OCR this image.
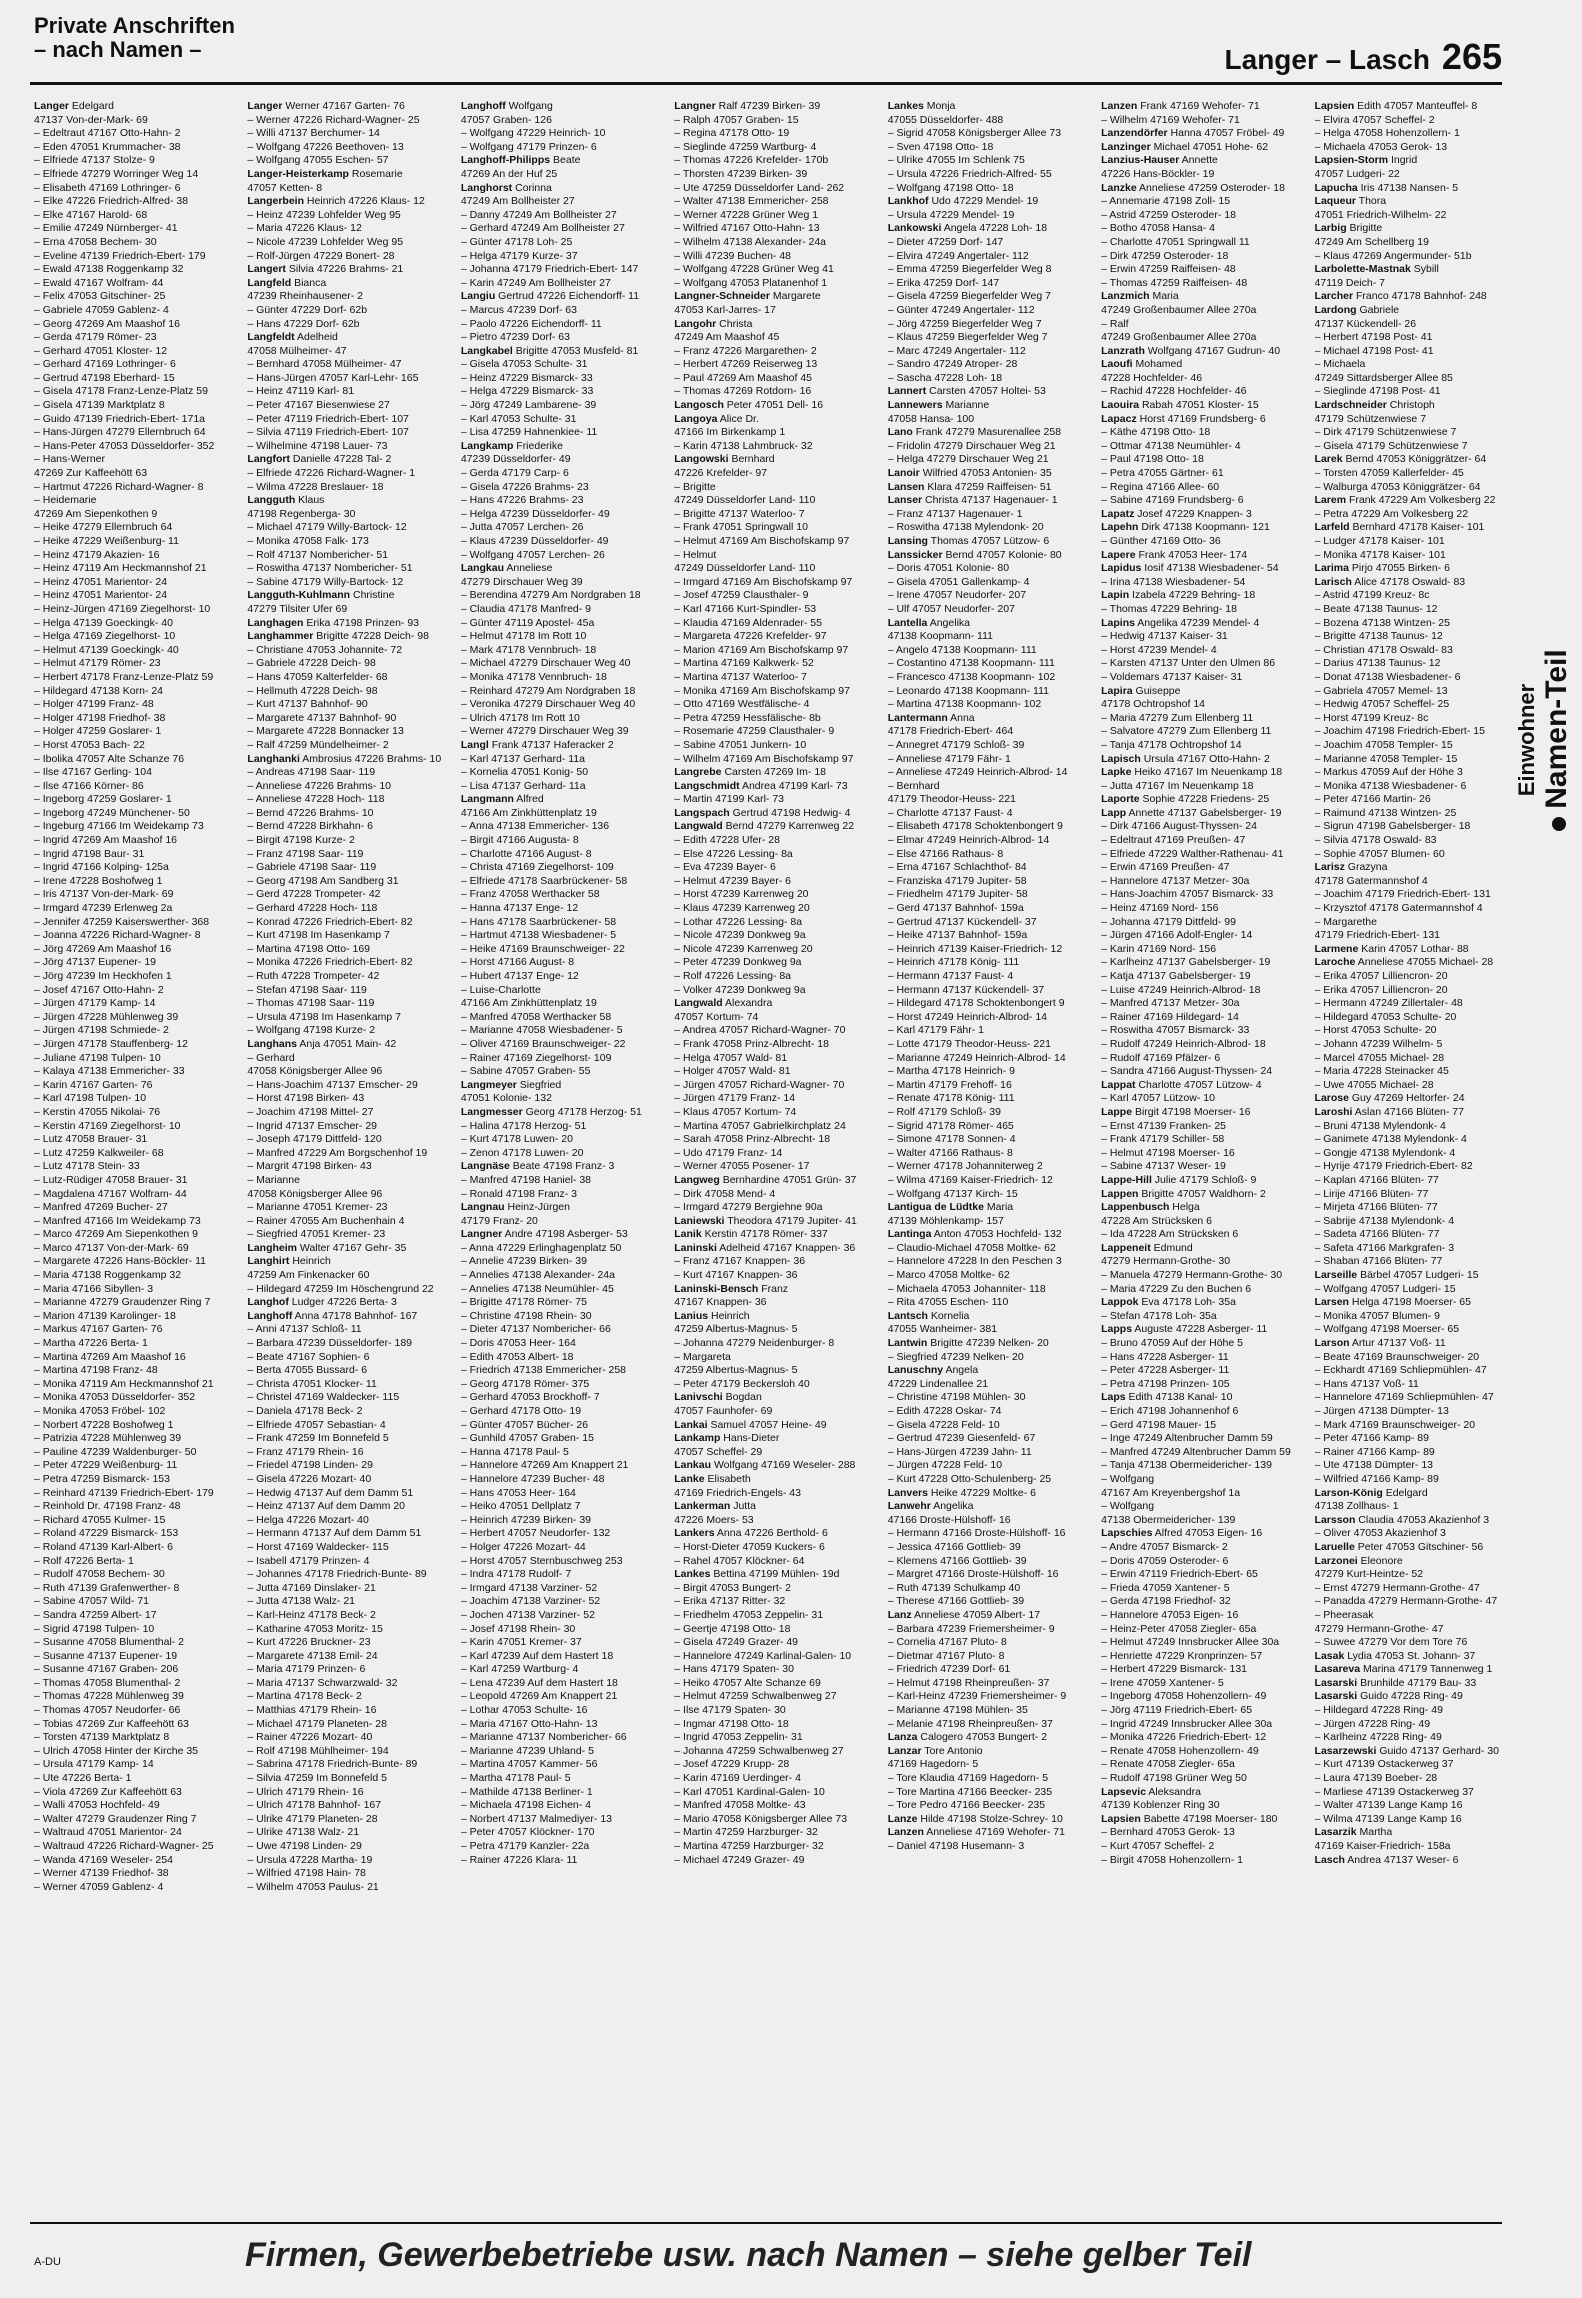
Private Anschriften
– nach Namen –	Langer – Lasch 265
Langer Edelgard
47137 Von-der-Mark- 69
– Edeltraut 47167 Otto-Hahn- 2
– Eden 47051 Krummacher- 38
– Elfriede 47137 Stolze- 9
– Elfriede 47279 Worringer Weg 14
– Elisabeth 47169 Lothringer- 6
– Elke 47226 Friedrich-Alfred- 38
– Elke 47167 Harold- 68
– Emilie 47249 Nürnberger- 41
– Erna 47058 Bechem- 30
– Eveline 47139 Friedrich-Ebert- 179
– Ewald 47138 Roggenkamp 32
– Ewald 47167 Wolfram- 44
– Felix 47053 Gitschiner- 25
– Gabriele 47059 Gablenz- 4
– Georg 47269 Am Maashof 16
– Gerda 47179 Römer- 23
– Gerhard 47051 Kloster- 12
– Gerhard 47169 Lothringer- 6
– Gertrud 47198 Eberhard- 15
– Gisela 47178 Franz-Lenze-Platz 59
– Gisela 47139 Marktplatz 8
– Guido 47139 Friedrich-Ebert- 171a
– Hans-Jürgen 47279 Ellernbruch 64
– Hans-Peter 47053 Düsseldorfer- 352
– Hans-Werner
47269 Zur Kaffeehött 63
– Hartmut 47226 Richard-Wagner- 8
– Heidemarie
47269 Am Siepenkothen 9
– Heike 47279 Ellernbruch 64
– Heike 47229 Weißenburg- 11
– Heinz 47179 Akazien- 16
– Heinz 47119 Am Heckmannshof 21
– Heinz 47051 Marientor- 24
– Heinz 47051 Marientor- 24
– Heinz-Jürgen 47169 Ziegelhorst- 10
– Helga 47139 Goeckingk- 40
– Helga 47169 Ziegelhorst- 10
– Helmut 47139 Goeckingk- 40
– Helmut 47179 Römer- 23
– Herbert 47178 Franz-Lenze-Platz 59
– Hildegard 47138 Korn- 24
– Holger 47199 Franz- 48
– Holger 47198 Friedhof- 38
– Holger 47259 Goslarer- 1
– Horst 47053 Bach- 22
– Ibolika 47057 Alte Schanze 76
– Ilse 47167 Gerling- 104
– Ilse 47166 Körner- 86
– Ingeborg 47259 Goslarer- 1
– Ingeborg 47249 Münchener- 50
– Ingeburg 47166 Im Weidekamp 73
– Ingrid 47269 Am Maashof 16
– Ingrid 47198 Baur- 31
– Ingrid 47166 Kolping- 125a
– Irene 47228 Boshofweg 1
– Iris 47137 Von-der-Mark- 69
– Irmgard 47239 Erlenweg 2a
– Jennifer 47259 Kaiserswerther- 368
– Joanna 47226 Richard-Wagner- 8
– Jörg 47269 Am Maashof 16
– Jörg 47137 Eupener- 19
– Jörg 47239 Im Heckhofen 1
– Josef 47167 Otto-Hahn- 2
– Jürgen 47179 Kamp- 14
– Jürgen 47228 Mühlenweg 39
– Jürgen 47198 Schmiede- 2
– Jürgen 47178 Stauffenberg- 12
– Juliane 47198 Tulpen- 10
– Kalaya 47138 Emmericher- 33
– Karin 47167 Garten- 76
– Karl 47198 Tulpen- 10
– Kerstin 47055 Nikolai- 76
– Kerstin 47169 Ziegelhorst- 10
– Lutz 47058 Brauer- 31
– Lutz 47259 Kalkweiler- 68
– Lutz 47178 Stein- 33
– Lutz-Rüdiger 47058 Brauer- 31
– Magdalena 47167 Wolfram- 44
– Manfred 47269 Bucher- 27
– Manfred 47166 Im Weidekamp 73
– Marco 47269 Am Siepenkothen 9
– Marco 47137 Von-der-Mark- 69
– Margarete 47226 Hans-Böckler- 11
– Maria 47138 Roggenkamp 32
– Maria 47166 Sibyllen- 3
– Marianne 47279 Graudenzer Ring 7
– Marion 47139 Karolinger- 18
– Markus 47167 Garten- 76
– Martha 47226 Berta- 1
– Martina 47269 Am Maashof 16
– Martina 47198 Franz- 48
– Monika 47119 Am Heckmannshof 21
– Monika 47053 Düsseldorfer- 352
– Monika 47053 Fröbel- 102
– Norbert 47228 Boshofweg 1
– Patrizia 47228 Mühlenweg 39
– Pauline 47239 Waldenburger- 50
– Peter 47229 Weißenburg- 11
– Petra 47259 Bismarck- 153
– Reinhard 47139 Friedrich-Ebert- 179
– Reinhold Dr. 47198 Franz- 48
– Richard 47055 Kulmer- 15
– Roland 47229 Bismarck- 153
– Roland 47139 Karl-Albert- 6
– Rolf 47226 Berta- 1
– Rudolf 47058 Bechem- 30
– Ruth 47139 Grafenwerther- 8
– Sabine 47057 Wild- 71
– Sandra 47259 Albert- 17
– Sigrid 47198 Tulpen- 10
– Susanne 47058 Blumenthal- 2
– Susanne 47137 Eupener- 19
– Susanne 47167 Graben- 206
– Thomas 47058 Blumenthal- 2
– Thomas 47228 Mühlenweg 39
– Thomas 47057 Neudorfer- 66
– Tobias 47269 Zur Kaffeehött 63
– Torsten 47139 Marktplatz 8
– Ulrich 47058 Hinter der Kirche 35
– Ursula 47179 Kamp- 14
– Ute 47226 Berta- 1
– Viola 47269 Zur Kaffeehött 63
– Walli 47053 Hochfeld- 49
– Walter 47279 Graudenzer Ring 7
– Waltraud 47051 Marientor- 24
– Waltraud 47226 Richard-Wagner- 25
– Wanda 47169 Weseler- 254
– Werner 47139 Friedhof- 38
– Werner 47059 Gablenz- 4
Langer Werner 47167 Garten- 76
– Werner 47226 Richard-Wagner- 25
– Willi 47137 Berchumer- 14
– Wolfgang 47226 Beethoven- 13
– Wolfgang 47055 Eschen- 57
Langer-Heisterkamp Rosemarie
47057 Ketten- 8
Langerbein Heinrich 47226 Klaus- 12
– Heinz 47239 Lohfelder Weg 95
– Maria 47226 Klaus- 12
– Nicole 47239 Lohfelder Weg 95
– Rolf-Jürgen 47229 Bonert- 28
Langert Silvia 47226 Brahms- 21
Langfeld Bianca
47239 Rheinhausener- 2
– Günter 47229 Dorf- 62b
– Hans 47229 Dorf- 62b
Langfeldt Adelheid
47058 Mülheimer- 47
– Bernhard 47058 Mülheimer- 47
– Hans-Jürgen 47057 Karl-Lehr- 165
– Heinz 47119 Karl- 81
– Peter 47167 Biesenwiese 27
– Peter 47119 Friedrich-Ebert- 107
– Silvia 47119 Friedrich-Ebert- 107
– Wilhelmine 47198 Lauer- 73
Langfort Danielle 47228 Tal- 2
– Elfriede 47226 Richard-Wagner- 1
– Wilma 47228 Breslauer- 18
Langguth Klaus
47198 Regenberga- 30
– Michael 47179 Willy-Bartock- 12
– Monika 47058 Falk- 173
– Rolf 47137 Nombericher- 51
– Roswitha 47137 Nombericher- 51
– Sabine 47179 Willy-Bartock- 12
Langguth-Kuhlmann Christine
47279 Tilsiter Ufer 69
Langhagen Erika 47198 Prinzen- 93
Langhammer Brigitte 47228 Deich- 98
– Christiane 47053 Johannite- 72
– Gabriele 47228 Deich- 98
– Hans 47059 Kalterfelder- 68
– Hellmuth 47228 Deich- 98
– Kurt 47137 Bahnhof- 90
– Margarete 47137 Bahnhof- 90
– Margarete 47228 Bonnacker 13
– Ralf 47259 Mündelheimer- 2
Langhanki Ambrosius 47226 Brahms- 10
– Andreas 47198 Saar- 119
– Anneliese 47226 Brahms- 10
– Anneliese 47228 Hoch- 118
– Bernd 47226 Brahms- 10
– Bernd 47228 Birkhahn- 6
– Birgit 47198 Kurze- 2
– Franz 47198 Saar- 119
– Gabriele 47198 Saar- 119
– Georg 47198 Am Sandberg 31
– Gerd 47228 Trompeter- 42
– Gerhard 47228 Hoch- 118
– Konrad 47226 Friedrich-Ebert- 82
– Kurt 47198 Im Hasenkamp 7
– Martina 47198 Otto- 169
– Monika 47226 Friedrich-Ebert- 82
– Ruth 47228 Trompeter- 42
– Stefan 47198 Saar- 119
– Thomas 47198 Saar- 119
– Ursula 47198 Im Hasenkamp 7
– Wolfgang 47198 Kurze- 2
Langhans Anja 47051 Main- 42
– Gerhard
47058 Königsberger Allee 96
– Hans-Joachim 47137 Emscher- 29
– Horst 47198 Birken- 43
– Joachim 47198 Mittel- 27
– Ingrid 47137 Emscher- 29
– Joseph 47179 Dittfeld- 120
– Manfred 47229 Am Borgschenhof 19
– Margrit 47198 Birken- 43
– Marianne
47058 Königsberger Allee 96
– Marianne 47051 Kremer- 23
– Rainer 47055 Am Buchenhain 4
– Siegfried 47051 Kremer- 23
Langheim Walter 47167 Gehr- 35
Langhirt Heinrich
47259 Am Finkenacker 60
– Hildegard 47259 Im Höschengrund 22
Langhof Ludger 47226 Berta- 3
Langhoff Anna 47178 Bahnhof- 167
– Anni 47137 Schloß- 11
– Barbara 47239 Düsseldorfer- 189
– Beate 47167 Sophien- 6
– Berta 47055 Bussard- 6
– Christa 47051 Klocker- 11
– Christel 47169 Waldecker- 115
– Daniela 47178 Beck- 2
– Elfriede 47057 Sebastian- 4
– Frank 47259 Im Bonnefeld 5
– Franz 47179 Rhein- 16
– Friedel 47198 Linden- 29
– Gisela 47226 Mozart- 40
– Hedwig 47137 Auf dem Damm 51
– Heinz 47137 Auf dem Damm 20
– Helga 47226 Mozart- 40
– Hermann 47137 Auf dem Damm 51
– Horst 47169 Waldecker- 115
– Isabell 47179 Prinzen- 4
– Johannes 47178 Friedrich-Bunte- 89
– Jutta 47169 Dinslaker- 21
– Jutta 47138 Walz- 21
– Karl-Heinz 47178 Beck- 2
– Katharine 47053 Moritz- 15
– Kurt 47226 Bruckner- 23
– Margarete 47138 Emil- 24
– Maria 47179 Prinzen- 6
– Maria 47137 Schwarzwald- 32
– Martina 47178 Beck- 2
– Matthias 47179 Rhein- 16
– Michael 47179 Planeten- 28
– Rainer 47226 Mozart- 40
– Rolf 47198 Mühlheimer- 194
– Sabrina 47178 Friedrich-Bunte- 89
– Silvia 47259 Im Bonnefeld 5
– Ulrich 47179 Rhein- 16
– Ulrich 47178 Bahnhof- 167
– Ulrike 47179 Planeten- 28
– Ulrike 47138 Walz- 21
– Uwe 47198 Linden- 29
– Ursula 47228 Martha- 19
– Wilfried 47198 Hain- 78
– Wilhelm 47053 Paulus- 21
Langhoff Wolfgang
47057 Graben- 126
– Wolfgang 47229 Heinrich- 10
– Wolfgang 47179 Prinzen- 6
Langhoff-Philipps Beate
47269 An der Huf 25
Langhorst Corinna
47249 Am Bollheister 27
– Danny 47249 Am Bollheister 27
– Gerhard 47249 Am Bollheister 27
– Günter 47178 Loh- 25
– Helga 47179 Kurze- 37
– Johanna 47179 Friedrich-Ebert- 147
– Karin 47249 Am Bollheister 27
Langiu Gertrud 47226 Eichendorff- 11
– Marcus 47239 Dorf- 63
– Paolo 47226 Eichendorff- 11
– Pietro 47239 Dorf- 63
Langkabel Brigitte 47053 Musfeld- 81
– Gisela 47053 Schulte- 31
– Heinz 47229 Bismarck- 33
– Helga 47229 Bismarck- 33
– Jörg 47249 Lambarene- 39
– Karl 47053 Schulte- 31
– Lisa 47259 Hahnenkiee- 11
Langkamp Friederike
47239 Düsseldorfer- 49
– Gerda 47179 Carp- 6
– Gisela 47226 Brahms- 23
– Hans 47226 Brahms- 23
– Helga 47239 Düsseldorfer- 49
– Jutta 47057 Lerchen- 26
– Klaus 47239 Düsseldorfer- 49
– Wolfgang 47057 Lerchen- 26
Langkau Anneliese
47279 Dirschauer Weg 39
– Berendina 47279 Am Nordgraben 18
– Claudia 47178 Manfred- 9
– Günter 47119 Apostel- 45a
– Helmut 47178 Im Rott 10
– Mark 47178 Vennbruch- 18
– Michael 47279 Dirschauer Weg 40
– Monika 47178 Vennbruch- 18
– Reinhard 47279 Am Nordgraben 18
– Veronika 47279 Dirschauer Weg 40
– Ulrich 47178 Im Rott 10
– Werner 47279 Dirschauer Weg 39
Langl Frank 47137 Haferacker 2
– Karl 47137 Gerhard- 11a
– Kornelia 47051 Konig- 50
– Lisa 47137 Gerhard- 11a
Langmann Alfred
47166 Am Zinkhüttenplatz 19
– Anna 47138 Emmericher- 136
– Birgit 47166 Augusta- 8
– Charlotte 47166 August- 8
– Christa 47169 Ziegelhorst- 109
– Elfriede 47178 Saarbrückener- 58
– Franz 47058 Werthacker 58
– Hanna 47137 Enge- 12
– Hans 47178 Saarbrückener- 58
– Hartmut 47138 Wiesbadener- 5
– Heike 47169 Braunschweiger- 22
– Horst 47166 August- 8
– Hubert 47137 Enge- 12
– Luise-Charlotte
47166 Am Zinkhüttenplatz 19
– Manfred 47058 Werthacker 58
– Marianne 47058 Wiesbadener- 5
– Oliver 47169 Braunschweiger- 22
– Rainer 47169 Ziegelhorst- 109
– Sabine 47057 Graben- 55
Langmeyer Siegfried
47051 Kolonie- 132
Langmesser Georg 47178 Herzog- 51
– Halina 47178 Herzog- 51
– Kurt 47178 Luwen- 20
– Zenon 47178 Luwen- 20
Langnäse Beate 47198 Franz- 3
– Manfred 47198 Haniel- 38
– Ronald 47198 Franz- 3
Langnau Heinz-Jürgen
47179 Franz- 20
Langner Andre 47198 Asberger- 53
– Anna 47229 Erlinghagenplatz 50
– Annelie 47239 Birken- 39
– Annelies 47138 Alexander- 24a
– Annelies 47138 Neumühler- 45
– Brigitte 47178 Römer- 75
– Christine 47198 Rhein- 30
– Dieter 47137 Nombericher- 66
– Doris 47053 Heer- 164
– Edith 47053 Albert- 18
– Friedrich 47138 Emmericher- 258
– Georg 47178 Römer- 375
– Gerhard 47053 Brockhoff- 7
– Gerhard 47178 Otto- 19
– Günter 47057 Bücher- 26
– Gunhild 47057 Graben- 15
– Hanna 47178 Paul- 5
– Hannelore 47269 Am Knappert 21
– Hannelore 47239 Bucher- 48
– Hans 47053 Heer- 164
– Heiko 47051 Dellplatz 7
– Heinrich 47239 Birken- 39
– Herbert 47057 Neudorfer- 132
– Holger 47226 Mozart- 44
– Horst 47057 Sternbuschweg 253
– Indra 47178 Rudolf- 7
– Irmgard 47138 Varziner- 52
– Joachim 47138 Varziner- 52
– Jochen 47138 Varziner- 52
– Josef 47198 Rhein- 30
– Karin 47051 Kremer- 37
– Karl 47239 Auf dem Hastert 18
– Karl 47259 Wartburg- 4
– Lena 47239 Auf dem Hastert 18
– Leopold 47269 Am Knappert 21
– Lothar 47053 Schulte- 16
– Maria 47167 Otto-Hahn- 13
– Marianne 47137 Nombericher- 66
– Marianne 47239 Uhland- 5
– Martina 47057 Kammer- 56
– Martha 47178 Paul- 5
– Mathilde 47138 Berliner- 1
– Michaela 47198 Eichen- 4
– Norbert 47137 Malmediyer- 13
– Peter 47057 Klöckner- 170
– Petra 47179 Kanzler- 22a
– Rainer 47226 Klara- 11
Langner Ralf 47239 Birken- 39
– Ralph 47057 Graben- 15
– Regina 47178 Otto- 19
– Sieglinde 47259 Wartburg- 4
– Thomas 47226 Krefelder- 170b
– Thorsten 47239 Birken- 39
– Ute 47259 Düsseldorfer Land- 262
– Walter 47138 Emmericher- 258
– Werner 47228 Grüner Weg 1
– Wilfried 47167 Otto-Hahn- 13
– Wilhelm 47138 Alexander- 24a
– Willi 47239 Buchen- 48
– Wolfgang 47228 Grüner Weg 41
– Wolfgang 47053 Platanenhof 1
Langner-Schneider Margarete
47053 Karl-Jarres- 17
Langohr Christa
47249 Am Maashof 45
– Franz 47226 Margarethen- 2
– Herbert 47269 Reiserweg 13
– Paul 47269 Am Maashof 45
– Thomas 47269 Rotdorn- 16
Langosch Peter 47051 Dell- 16
Langoya Alice Dr.
47166 Im Birkenkamp 1
– Karin 47138 Lahmbruck- 32
Langowski Bernhard
47226 Krefelder- 97
– Brigitte
47249 Düsseldorfer Land- 110
– Brigitte 47137 Waterloo- 7
– Frank 47051 Springwall 10
– Helmut 47169 Am Bischofskamp 97
– Helmut
47249 Düsseldorfer Land- 110
– Irmgard 47169 Am Bischofskamp 97
– Josef 47259 Clausthaler- 9
– Karl 47166 Kurt-Spindler- 53
– Klaudia 47169 Aldenrader- 55
– Margareta 47226 Krefelder- 97
– Marion 47169 Am Bischofskamp 97
– Martina 47169 Kalkwerk- 52
– Martina 47137 Waterloo- 7
– Monika 47169 Am Bischofskamp 97
– Otto 47169 Westfälische- 4
– Petra 47259 Hessfälische- 8b
– Rosemarie 47259 Clausthaler- 9
– Sabine 47051 Junkern- 10
– Wilhelm 47169 Am Bischofskamp 97
Langrebe Carsten 47269 Im- 18
Langschmidt Andrea 47199 Karl- 73
– Martin 47199 Karl- 73
Langspach Gertrud 47198 Hedwig- 4
Langwald Bernd 47279 Karrenweg 22
– Edith 47228 Ufer- 28
– Else 47226 Lessing- 8a
– Eva 47239 Bayer- 6
– Helmut 47239 Bayer- 6
– Horst 47239 Karrenweg 20
– Klaus 47239 Karrenweg 20
– Lothar 47226 Lessing- 8a
– Nicole 47239 Donkweg 9a
– Nicole 47239 Karrenweg 20
– Peter 47239 Donkweg 9a
– Rolf 47226 Lessing- 8a
– Volker 47239 Donkweg 9a
Langwald Alexandra
47057 Kortum- 74
– Andrea 47057 Richard-Wagner- 70
– Frank 47058 Prinz-Albrecht- 18
– Helga 47057 Wald- 81
– Holger 47057 Wald- 81
– Jürgen 47057 Richard-Wagner- 70
– Jürgen 47179 Franz- 14
– Klaus 47057 Kortum- 74
– Martina 47057 Gabrielkirchplatz 24
– Sarah 47058 Prinz-Albrecht- 18
– Udo 47179 Franz- 14
– Werner 47055 Posener- 17
Langweg Bernhardine 47051 Grün- 37
– Dirk 47058 Mend- 4
– Irmgard 47279 Bergiehne 90a
Laniewski Theodora 47179 Jupiter- 41
Lanik Kerstin 47178 Römer- 337
Laninski Adelheid 47167 Knappen- 36
– Franz 47167 Knappen- 36
– Kurt 47167 Knappen- 36
Laninski-Bensch Franz
47167 Knappen- 36
Lanius Heinrich
47259 Albertus-Magnus- 5
– Johanna 47279 Neidenburger- 8
– Margareta
47259 Albertus-Magnus- 5
– Peter 47179 Beckersloh 40
Lanivschi Bogdan
47057 Faunhofer- 69
Lankai Samuel 47057 Heine- 49
Lankamp Hans-Dieter
47057 Scheffel- 29
Lankau Wolfgang 47169 Weseler- 288
Lanke Elisabeth
47169 Friedrich-Engels- 43
Lankerman Jutta
47226 Moers- 53
Lankers Anna 47226 Berthold- 6
– Horst-Dieter 47059 Kuckers- 6
– Rahel 47057 Klöckner- 64
Lankes Bettina 47199 Mühlen- 19d
– Birgit 47053 Bungert- 2
– Erika 47137 Ritter- 32
– Friedhelm 47053 Zeppelin- 31
– Geertje 47198 Otto- 18
– Gisela 47249 Grazer- 49
– Hannelore 47249 Karlinal-Galen- 10
– Hans 47179 Spaten- 30
– Heiko 47057 Alte Schanze 69
– Helmut 47259 Schwalbenweg 27
– Ilse 47179 Spaten- 30
– Ingmar 47198 Otto- 18
– Ingrid 47053 Zeppelin- 31
– Johanna 47259 Schwalbenweg 27
– Josef 47229 Krupp- 28
– Karin 47169 Uerdinger- 4
– Karl 47051 Kardinal-Galen- 10
– Manfred 47058 Moltke- 43
– Mario 47058 Königsberger Allee 73
– Martin 47259 Harzburger- 32
– Martina 47259 Harzburger- 32
– Michael 47249 Grazer- 49
Lankes Monja
47055 Düsseldorfer- 488
– Sigrid 47058 Königsberger Allee 73
– Sven 47198 Otto- 18
– Ulrike 47055 Im Schlenk 75
– Ursula 47226 Friedrich-Alfred- 55
– Wolfgang 47198 Otto- 18
Lankhof Udo 47229 Mendel- 19
– Ursula 47229 Mendel- 19
Lankowski Angela 47228 Loh- 18
– Dieter 47259 Dorf- 147
– Elvira 47249 Angertaler- 112
– Emma 47259 Biegerfelder Weg 8
– Erika 47259 Dorf- 147
– Gisela 47259 Biegerfelder Weg 7
– Günter 47249 Angertaler- 112
– Jörg 47259 Biegerfelder Weg 7
– Klaus 47259 Biegerfelder Weg 7
– Marc 47249 Angertaler- 112
– Sandro 47249 Atroper- 28
– Sascha 47228 Loh- 18
Lannert Carsten 47057 Holtei- 53
Lannewers Marianne
47058 Hansa- 100
Lano Frank 47279 Masurenallee 258
– Fridolin 47279 Dirschauer Weg 21
– Helga 47279 Dirschauer Weg 21
Lanoir Wilfried 47053 Antonien- 35
Lansen Klara 47259 Raiffeisen- 51
Lanser Christa 47137 Hagenauer- 1
– Franz 47137 Hagenauer- 1
– Roswitha 47138 Mylendonk- 20
Lansing Thomas 47057 Lützow- 6
Lanssicker Bernd 47057 Kolonie- 80
– Doris 47051 Kolonie- 80
– Gisela 47051 Gallenkamp- 4
– Irene 47057 Neudorfer- 207
– Ulf 47057 Neudorfer- 207
Lantella Angelika
47138 Koopmann- 111
– Angelo 47138 Koopmann- 111
– Costantino 47138 Koopmann- 111
– Francesco 47138 Koopmann- 102
– Leonardo 47138 Koopmann- 111
– Martina 47138 Koopmann- 102
Lantermann Anna
47178 Friedrich-Ebert- 464
– Annegret 47179 Schloß- 39
– Anneliese 47179 Fähr- 1
– Anneliese 47249 Heinrich-Albrod- 14
– Bernhard
47179 Theodor-Heuss- 221
– Charlotte 47137 Faust- 4
– Elisabeth 47178 Schoktenbongert 9
– Elmar 47249 Heinrich-Albrod- 14
– Else 47166 Rathaus- 8
– Erna 47167 Schlachthof- 84
– Franziska 47179 Jupiter- 58
– Friedhelm 47179 Jupiter- 58
– Gerd 47137 Bahnhof- 159a
– Gertrud 47137 Kückendell- 37
– Heike 47137 Bahnhof- 159a
– Heinrich 47139 Kaiser-Friedrich- 12
– Heinrich 47178 König- 111
– Hermann 47137 Faust- 4
– Hermann 47137 Kückendell- 37
– Hildegard 47178 Schoktenbongert 9
– Horst 47249 Heinrich-Albrod- 14
– Karl 47179 Fähr- 1
– Lotte 47179 Theodor-Heuss- 221
– Marianne 47249 Heinrich-Albrod- 14
– Martha 47178 Heinrich- 9
– Martin 47179 Frehoff- 16
– Renate 47178 König- 111
– Rolf 47179 Schloß- 39
– Sigrid 47178 Römer- 465
– Simone 47178 Sonnen- 4
– Walter 47166 Rathaus- 8
– Werner 47178 Johanniterweg 2
– Wilma 47169 Kaiser-Friedrich- 12
– Wolfgang 47137 Kirch- 15
Lantigua de Lüdtke Maria
47139 Möhlenkamp- 157
Lantinga Anton 47053 Hochfeld- 132
– Claudio-Michael 47058 Moltke- 62
– Hannelore 47228 In den Peschen 3
– Marco 47058 Moltke- 62
– Michaela 47053 Johanniter- 118
– Rita 47055 Eschen- 110
Lantsch Kornelia
47055 Wanheimer- 381
Lantwin Brigitte 47239 Nelken- 20
– Siegfried 47239 Nelken- 20
Lanuschny Angela
47229 Lindenallee 21
– Christine 47198 Mühlen- 30
– Edith 47228 Oskar- 74
– Gisela 47228 Feld- 10
– Gertrud 47239 Giesenfeld- 67
– Hans-Jürgen 47239 Jahn- 11
– Jürgen 47228 Feld- 10
– Kurt 47228 Otto-Schulenberg- 25
Lanvers Heike 47229 Moltke- 6
Lanwehr Angelika
47166 Droste-Hülshoff- 16
– Hermann 47166 Droste-Hülshoff- 16
– Jessica 47166 Gottlieb- 39
– Klemens 47166 Gottlieb- 39
– Margret 47166 Droste-Hülshoff- 16
– Ruth 47139 Schulkamp 40
– Therese 47166 Gottlieb- 39
Lanz Anneliese 47059 Albert- 17
– Barbara 47239 Friemersheimer- 9
– Cornelia 47167 Pluto- 8
– Dietmar 47167 Pluto- 8
– Friedrich 47239 Dorf- 61
– Helmut 47198 Rheinpreußen- 37
– Karl-Heinz 47239 Friemersheimer- 9
– Marianne 47198 Mühlen- 35
– Melanie 47198 Rheinpreußen- 37
Lanza Calogero 47053 Bungert- 2
Lanzar Tore Antonio
47169 Hagedorn- 5
– Tore Klaudia 47169 Hagedorn- 5
– Tore Martina 47166 Beecker- 235
– Tore Pedro 47166 Beecker- 235
Lanze Hilde 47198 Stolze-Schrey- 10
Lanzen Anneliese 47169 Wehofer- 71
– Daniel 47198 Husemann- 3
Lanzen Frank 47169 Wehofer- 71
– Wilhelm 47169 Wehofer- 71
Lanzendörfer Hanna 47057 Fröbel- 49
Lanzinger Michael 47051 Hohe- 62
Lanzius-Hauser Annette
47226 Hans-Böckler- 19
Lanzke Anneliese 47259 Osteroder- 18
– Annemarie 47198 Zoll- 15
– Astrid 47259 Osteroder- 18
– Botho 47058 Hansa- 4
– Charlotte 47051 Springwall 11
– Dirk 47259 Osteroder- 18
– Erwin 47259 Raiffeisen- 48
– Thomas 47259 Raiffeisen- 48
Lanzmich Maria
47249 Großenbaumer Allee 270a
– Ralf
47249 Großenbaumer Allee 270a
Lanzrath Wolfgang 47167 Gudrun- 40
Laoufi Mohamed
47228 Hochfelder- 46
– Rachid 47228 Hochfelder- 46
Laouira Rabah 47051 Kloster- 15
Lapacz Horst 47169 Frundsberg- 6
– Käthe 47198 Otto- 18
– Ottmar 47138 Neumühler- 4
– Paul 47198 Otto- 18
– Petra 47055 Gärtner- 61
– Regina 47166 Allee- 60
– Sabine 47169 Frundsberg- 6
Lapatz Josef 47229 Knappen- 3
Lapehn Dirk 47138 Koopmann- 121
– Günther 47169 Otto- 36
Lapere Frank 47053 Heer- 174
Lapidus Iosif 47138 Wiesbadener- 54
– Irina 47138 Wiesbadener- 54
Lapin Izabela 47229 Behring- 18
– Thomas 47229 Behring- 18
Lapins Angelika 47239 Mendel- 4
– Hedwig 47137 Kaiser- 31
– Horst 47239 Mendel- 4
– Karsten 47137 Unter den Ulmen 86
– Voldemars 47137 Kaiser- 31
Lapira Guiseppe
47178 Ochtropshof 14
– Maria 47279 Zum Ellenberg 11
– Salvatore 47279 Zum Ellenberg 11
– Tanja 47178 Ochtropshof 14
Lapisch Ursula 47167 Otto-Hahn- 2
Lapke Heiko 47167 Im Neuenkamp 18
– Jutta 47167 Im Neuenkamp 18
Laporte Sophie 47228 Friedens- 25
Lapp Annette 47137 Gabelsberger- 19
– Dirk 47166 August-Thyssen- 24
– Edeltraut 47169 Preußen- 47
– Elfriede 47229 Walther-Rathenau- 41
– Erwin 47169 Preußen- 47
– Hannelore 47137 Metzer- 30a
– Hans-Joachim 47057 Bismarck- 33
– Heinz 47169 Nord- 156
– Johanna 47179 Dittfeld- 99
– Jürgen 47166 Adolf-Engler- 14
– Karin 47169 Nord- 156
– Karlheinz 47137 Gabelsberger- 19
– Katja 47137 Gabelsberger- 19
– Luise 47249 Heinrich-Albrod- 18
– Manfred 47137 Metzer- 30a
– Rainer 47169 Hildegard- 14
– Roswitha 47057 Bismarck- 33
– Rudolf 47249 Heinrich-Albrod- 18
– Rudolf 47169 Pfälzer- 6
– Sandra 47166 August-Thyssen- 24
Lappat Charlotte 47057 Lützow- 4
– Karl 47057 Lützow- 10
Lappe Birgit 47198 Moerser- 16
– Ernst 47139 Franken- 25
– Frank 47179 Schiller- 58
– Helmut 47198 Moerser- 16
– Sabine 47137 Weser- 19
Lappe-Hill Julie 47179 Schloß- 9
Lappen Brigitte 47057 Waldhorn- 2
Lappenbusch Helga
47228 Am Strücksken 6
– Ida 47228 Am Strücksken 6
Lappeneit Edmund
47279 Hermann-Grothe- 30
– Manuela 47279 Hermann-Grothe- 30
– Maria 47229 Zu den Buchen 6
Lappok Eva 47178 Loh- 35a
– Stefan 47178 Loh- 35a
Lapps Auguste 47228 Asberger- 11
– Bruno 47059 Auf der Höhe 5
– Hans 47228 Asberger- 11
– Peter 47228 Asberger- 11
– Petra 47198 Prinzen- 105
Laps Edith 47138 Kanal- 10
– Erich 47198 Johannenhof 6
– Gerd 47198 Mauer- 15
– Inge 47249 Altenbrucher Damm 59
– Manfred 47249 Altenbrucher Damm 59
– Tanja 47138 Obermeidericher- 139
– Wolfgang
47167 Am Kreyenbergshof 1a
– Wolfgang
47138 Obermeidericher- 139
Lapschies Alfred 47053 Eigen- 16
– Andre 47057 Bismarck- 2
– Doris 47059 Osteroder- 6
– Erwin 47119 Friedrich-Ebert- 65
– Frieda 47059 Xantener- 5
– Gerda 47198 Friedhof- 32
– Hannelore 47053 Eigen- 16
– Heinz-Peter 47058 Ziegler- 65a
– Helmut 47249 Innsbrucker Allee 30a
– Henriette 47229 Kronprinzen- 57
– Herbert 47229 Bismarck- 131
– Irene 47059 Xantener- 5
– Ingeborg 47058 Hohenzollern- 49
– Jörg 47119 Friedrich-Ebert- 65
– Ingrid 47249 Innsbrucker Allee 30a
– Monika 47226 Friedrich-Ebert- 12
– Renate 47058 Hohenzollern- 49
– Renate 47058 Ziegler- 65a
– Rudolf 47198 Grüner Weg 50
Lapsevic Aleksandra
47139 Koblenzer Ring 30
Lapsien Babette 47198 Moerser- 180
– Bernhard 47053 Gerok- 13
– Kurt 47057 Scheffel- 2
– Birgit 47058 Hohenzollern- 1
Lapsien Edith 47057 Manteuffel- 8
– Elvira 47057 Scheffel- 2
– Helga 47058 Hohenzollern- 1
– Michaela 47053 Gerok- 13
Lapsien-Storm Ingrid
47057 Ludgeri- 22
Lapucha Iris 47138 Nansen- 5
Laqueur Thora
47051 Friedrich-Wilhelm- 22
Larbig Brigitte
47249 Am Schellberg 19
– Klaus 47269 Angermunder- 51b
Larbolette-Mastnak Sybill
47119 Deich- 7
Larcher Franco 47178 Bahnhof- 248
Lardong Gabriele
47137 Kückendell- 26
– Herbert 47198 Post- 41
– Michael 47198 Post- 41
– Michaela
47249 Sittardsberger Allee 85
– Sieglinde 47198 Post- 41
Lardschneider Christoph
47179 Schützenwiese 7
– Dirk 47179 Schützenwiese 7
– Gisela 47179 Schützenwiese 7
Larek Bernd 47053 Königgrätzer- 64
– Torsten 47059 Kallerfelder- 45
– Walburga 47053 Königgrätzer- 64
Larem Frank 47229 Am Volkesberg 22
– Petra 47229 Am Volkesberg 22
Larfeld Bernhard 47178 Kaiser- 101
– Ludger 47178 Kaiser- 101
– Monika 47178 Kaiser- 101
Larima Pirjo 47055 Birken- 6
Larisch Alice 47178 Oswald- 83
– Astrid 47199 Kreuz- 8c
– Beate 47138 Taunus- 12
– Bozena 47138 Wintzen- 25
– Brigitte 47138 Taunus- 12
– Christian 47178 Oswald- 83
– Darius 47138 Taunus- 12
– Donat 47138 Wiesbadener- 6
– Gabriela 47057 Memel- 13
– Hedwig 47057 Scheffel- 25
– Horst 47199 Kreuz- 8c
– Joachim 47198 Friedrich-Ebert- 15
– Joachim 47058 Templer- 15
– Marianne 47058 Templer- 15
– Markus 47059 Auf der Höhe 3
– Monika 47138 Wiesbadener- 6
– Peter 47166 Martin- 26
– Raimund 47138 Wintzen- 25
– Sigrun 47198 Gabelsberger- 18
– Silvia 47178 Oswald- 83
– Sophie 47057 Blumen- 60
Larisz Grazyna
47178 Gatermannshof 4
– Joachim 47179 Friedrich-Ebert- 131
– Krzysztof 47178 Gatermannshof 4
– Margarethe
47179 Friedrich-Ebert- 131
Larmene Karin 47057 Lothar- 88
Laroche Anneliese 47055 Michael- 28
– Erika 47057 Lilliencron- 20
– Erika 47057 Lilliencron- 20
– Hermann 47249 Zillertaler- 48
– Hildegard 47053 Schulte- 20
– Horst 47053 Schulte- 20
– Johann 47239 Wilhelm- 5
– Marcel 47055 Michael- 28
– Maria 47228 Steinacker 45
– Uwe 47055 Michael- 28
Larose Guy 47269 Heltorfer- 24
Laroshi Aslan 47166 Blüten- 77
– Bruni 47138 Mylendonk- 4
– Ganimete 47138 Mylendonk- 4
– Gongje 47138 Mylendonk- 4
– Hyrije 47179 Friedrich-Ebert- 82
– Kaplan 47166 Blüten- 77
– Lirije 47166 Blüten- 77
– Mirjeta 47166 Blüten- 77
– Sabrije 47138 Mylendonk- 4
– Sadeta 47166 Blüten- 77
– Safeta 47166 Markgrafen- 3
– Shaban 47166 Blüten- 77
Larseille Bärbel 47057 Ludgeri- 15
– Wolfgang 47057 Ludgeri- 15
Larsen Helga 47198 Moerser- 65
– Monika 47057 Blumen- 9
– Wolfgang 47198 Moerser- 65
Larson Artur 47137 Voß- 11
– Beate 47169 Braunschweiger- 20
– Eckhardt 47169 Schliepmühlen- 47
– Hans 47137 Voß- 11
– Hannelore 47169 Schliepmühlen- 47
– Jürgen 47138 Dümpter- 13
– Mark 47169 Braunschweiger- 20
– Peter 47166 Kamp- 89
– Rainer 47166 Kamp- 89
– Ute 47138 Dümpter- 13
– Wilfried 47166 Kamp- 89
Larson-König Edelgard
47138 Zollhaus- 1
Larsson Claudia 47053 Akazienhof 3
– Oliver 47053 Akazienhof 3
Laruelle Peter 47053 Gitschiner- 56
Larzonei Eleonore
47279 Kurt-Heintze- 52
– Ernst 47279 Hermann-Grothe- 47
– Panadda 47279 Hermann-Grothe- 47
– Pheerasak
47279 Hermann-Grothe- 47
– Suwee 47279 Vor dem Tore 76
Lasak Lydia 47053 St. Johann- 37
Lasareva Marina 47179 Tannenweg 1
Lasarski Brunhilde 47179 Bau- 33
Lasarski Guido 47228 Ring- 49
– Hildegard 47228 Ring- 49
– Jürgen 47228 Ring- 49
– Karlheinz 47228 Ring- 49
Lasarzewski Guido 47137 Gerhard- 30
– Kurt 47139 Ostackerweg 37
– Laura 47139 Boeber- 28
– Marliese 47139 Ostackerweg 37
– Walter 47139 Lange Kamp 16
– Wilma 47139 Lange Kamp 16
Lasarzik Martha
47169 Kaiser-Friedrich- 158a
Lasch Andrea 47137 Weser- 6
Einwohner Namen-Teil
A-DU	Firmen, Gewerbebetriebe usw. nach Namen – siehe gelber Teil
